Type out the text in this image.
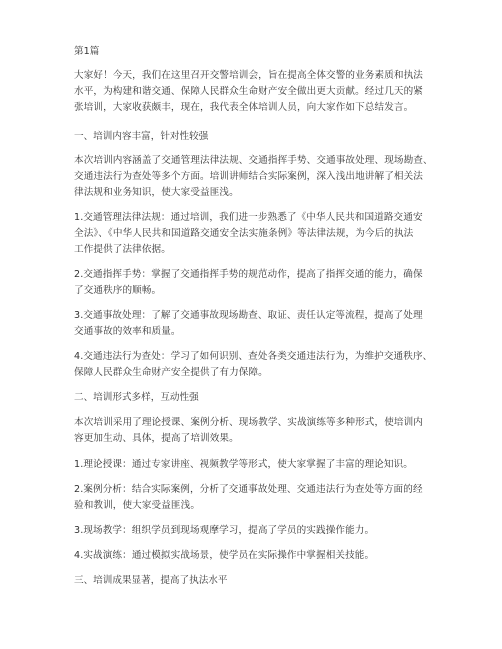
第1篇
大家好！今天，我们在这里召开交警培训会，旨在提高全体交警的业务素质和执法
水平，为构建和谐交通、保障人民群众生命财产安全做出更大贡献。经过几天的紧
张培训，大家收获颇丰，现在，我代表全体培训人员，向大家作如下总结发言。
一、培训内容丰富，针对性较强
本次培训内容涵盖了交通管理法律法规、交通指挥手势、交通事故处理、现场勘查、
交通违法行为查处等多个方面。培训讲师结合实际案例，深入浅出地讲解了相关法
律法规和业务知识，使大家受益匪浅。
1.交通管理法律法规：通过培训，我们进一步熟悉了《中华人民共和国道路交通安
全法》、《中华人民共和国道路交通安全法实施条例》等法律法规，为今后的执法
工作提供了法律依据。
2.交通指挥手势：掌握了交通指挥手势的规范动作，提高了指挥交通的能力，确保
了交通秩序的顺畅。
3.交通事故处理：了解了交通事故现场勘查、取证、责任认定等流程，提高了处理
交通事故的效率和质量。
4.交通违法行为查处：学习了如何识别、查处各类交通违法行为，为维护交通秩序、
保障人民群众生命财产安全提供了有力保障。
二、培训形式多样，互动性强
本次培训采用了理论授课、案例分析、现场教学、实战演练等多种形式，使培训内
容更加生动、具体，提高了培训效果。
1.理论授课：通过专家讲座、视频教学等形式，使大家掌握了丰富的理论知识。
2.案例分析：结合实际案例，分析了交通事故处理、交通违法行为查处等方面的经
验和教训，使大家受益匪浅。
3.现场教学：组织学员到现场观摩学习，提高了学员的实践操作能力。
4.实战演练：通过模拟实战场景，使学员在实际操作中掌握相关技能。
三、培训成果显著，提高了执法水平
